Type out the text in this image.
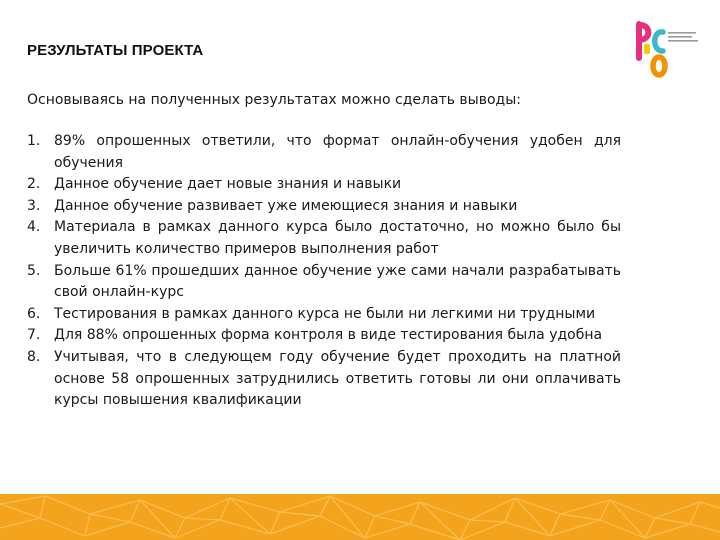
РЕЗУЛЬТАТЫ ПРОЕКТА
Основываясь на полученных результатах можно сделать выводы:
1. 89% опрошенных ответили, что формат онлайн-обучения удобен для обучения
2. Данное обучение дает новые знания и навыки
3. Данное обучение развивает уже имеющиеся знания и навыки
4. Материала в рамках данного курса было достаточно, но можно было бы увеличить количество примеров выполнения работ
5. Больше 61% прошедших данное обучение уже сами начали разрабатывать свой онлайн-курс
6. Тестирования в рамках данного курса не были ни легкими ни трудными
7. Для 88% опрошенных форма контроля в виде тестирования была удобна
8. Учитывая, что в следующем году обучение будет проходить на платной основе 58 опрошенных затруднились ответить готовы ли они оплачивать курсы повышения квалификации
